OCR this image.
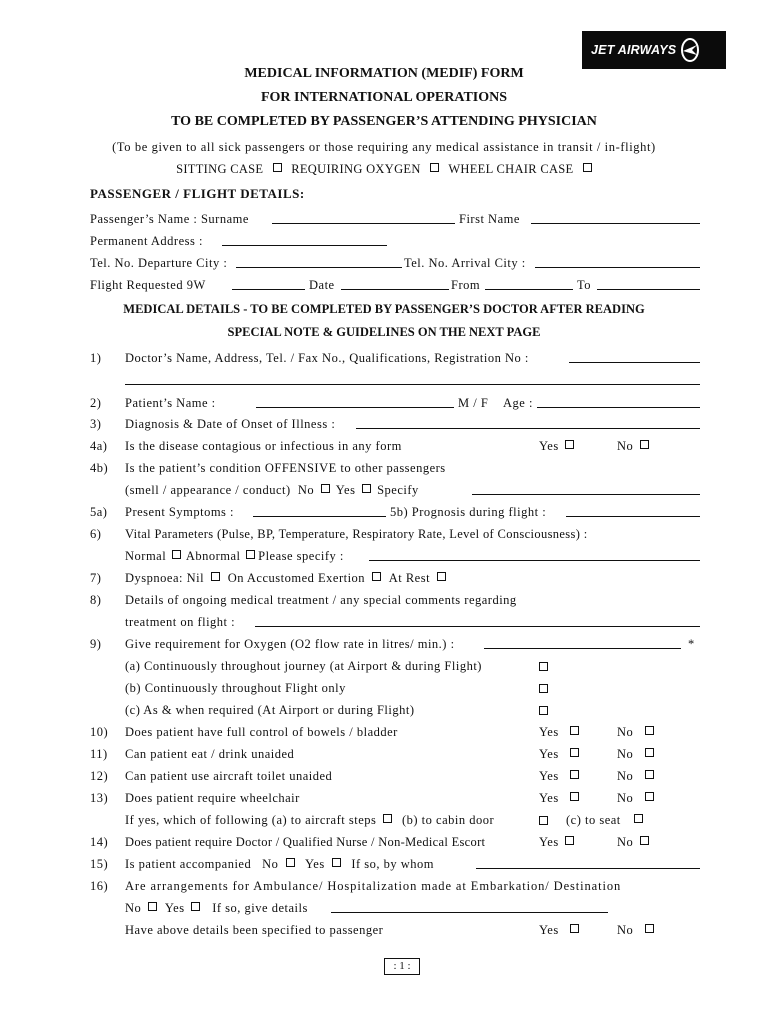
JET AIRWAYS
MEDICAL INFORMATION (MEDIF) FORM
FOR INTERNATIONAL OPERATIONS
TO BE COMPLETED BY PASSENGER’S ATTENDING PHYSICIAN
(To be given to all sick passengers or those requiring any medical assistance in transit / in-flight)
SITTING CASE REQUIRING OXYGEN WHEEL CHAIR CASE
PASSENGER / FLIGHT DETAILS:
Passenger’s Name : Surname	First Name
Permanent Address :
Tel. No. Departure City :	Tel. No. Arrival City :
Flight Requested 9W	Date	From	To
MEDICAL DETAILS - TO BE COMPLETED BY PASSENGER’S DOCTOR AFTER READING
SPECIAL NOTE & GUIDELINES ON THE NEXT PAGE
1) Doctor’s Name, Address, Tel. / Fax No., Qualifications, Registration No :
2) Patient’s Name :	M / F Age :
3) Diagnosis & Date of Onset of Illness :
4a) Is the disease contagious or infectious in any form	Yes	No
4b) Is the patient’s condition OFFENSIVE to other passengers
(smell / appearance / conduct) No Yes Specify
5a) Present Symptoms :	5b) Prognosis during flight :
6) Vital Parameters (Pulse, BP, Temperature, Respiratory Rate, Level of Consciousness) :
Normal Abnormal Please specify :
7) Dyspnoea: Nil On Accustomed Exertion At Rest
8) Details of ongoing medical treatment / any special comments regarding
treatment on flight :
9) Give requirement for Oxygen (O2 flow rate in litres/ min.) :	*
(a) Continuously throughout journey (at Airport & during Flight)
(b) Continuously throughout Flight only
(c) As & when required (At Airport or during Flight)
10) Does patient have full control of bowels / bladder	Yes	No
11) Can patient eat / drink unaided	Yes	No
12) Can patient use aircraft toilet unaided	Yes	No
13) Does patient require wheelchair	Yes	No
If yes, which of following (a) to aircraft steps (b) to cabin door	(c) to seat
14) Does patient require Doctor / Qualified Nurse / Non-Medical Escort	Yes	No
15) Is patient accompanied No Yes If so, by whom
16) Are arrangements for Ambulance/ Hospitalization made at Embarkation/ Destination
No Yes If so, give details
Have above details been specified to passenger	Yes	No
: 1 :
